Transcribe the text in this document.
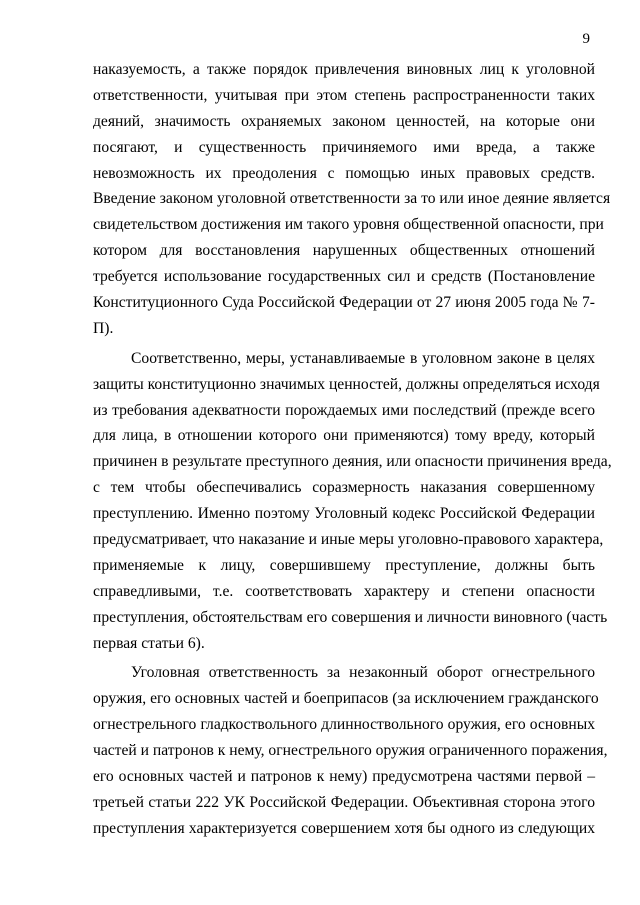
9
наказуемость, а также порядок привлечения виновных лиц к уголовной
ответственности, учитывая при этом степень распространенности таких
деяний, значимость охраняемых законом ценностей, на которые они
посягают, и существенность причиняемого ими вреда, а также
невозможность их преодоления с помощью иных правовых средств.
Введение законом уголовной ответственности за то или иное деяние является
свидетельством достижения им такого уровня общественной опасности, при
котором для восстановления нарушенных общественных отношений
требуется использование государственных сил и средств (Постановление
Конституционного Суда Российской Федерации от 27 июня 2005 года № 7-
П).
Соответственно, меры, устанавливаемые в уголовном законе в целях
защиты конституционно значимых ценностей, должны определяться исходя
из требования адекватности порождаемых ими последствий (прежде всего
для лица, в отношении которого они применяются) тому вреду, который
причинен в результате преступного деяния, или опасности причинения вреда,
с тем чтобы обеспечивались соразмерность наказания совершенному
преступлению. Именно поэтому Уголовный кодекс Российской Федерации
предусматривает, что наказание и иные меры уголовно-правового характера,
применяемые к лицу, совершившему преступление, должны быть
справедливыми, т.е. соответствовать характеру и степени опасности
преступления, обстоятельствам его совершения и личности виновного (часть
первая статьи 6).
Уголовная ответственность за незаконный оборот огнестрельного
оружия, его основных частей и боеприпасов (за исключением гражданского
огнестрельного гладкоствольного длинноствольного оружия, его основных
частей и патронов к нему, огнестрельного оружия ограниченного поражения,
его основных частей и патронов к нему) предусмотрена частями первой –
третьей статьи 222 УК Российской Федерации. Объективная сторона этого
преступления характеризуется совершением хотя бы одного из следующих
